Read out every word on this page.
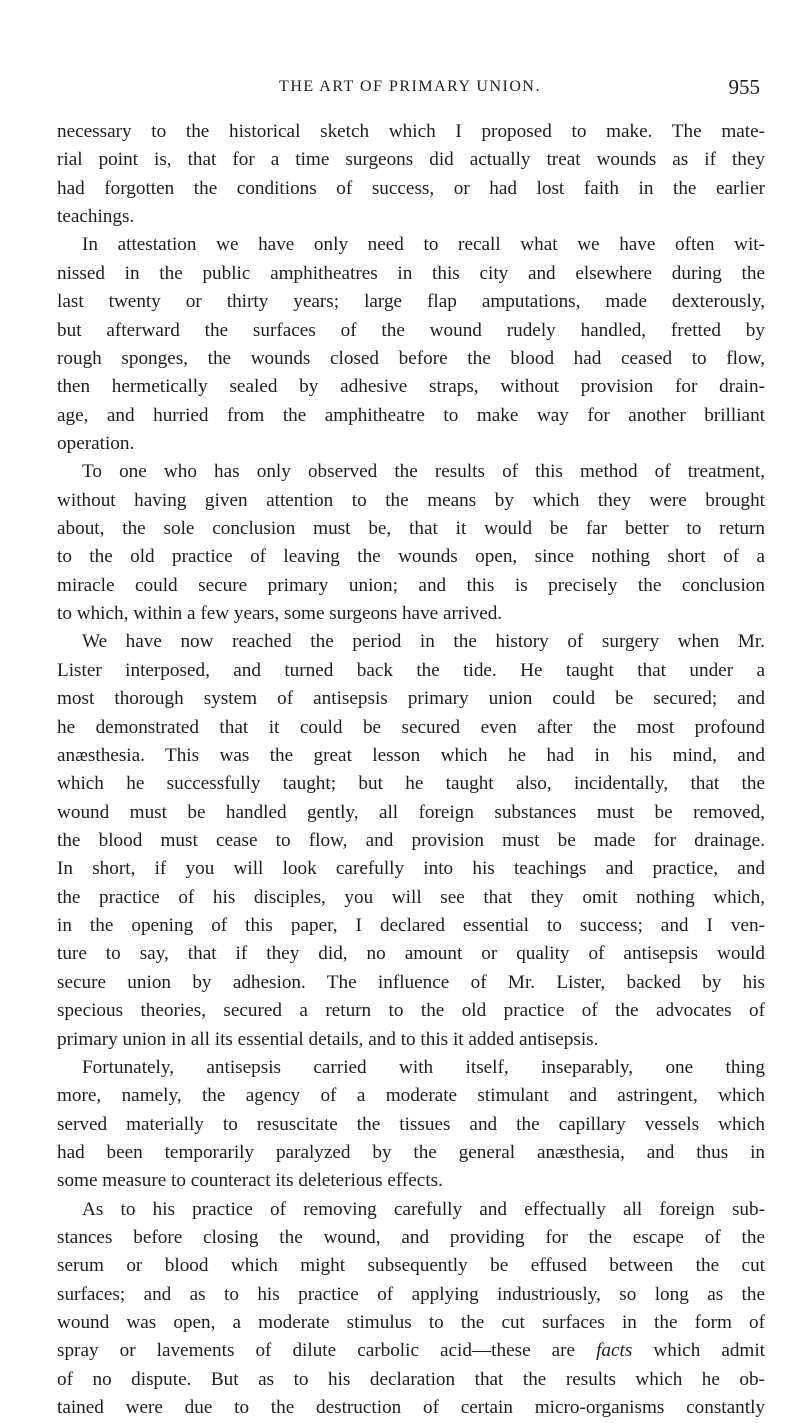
THE ART OF PRIMARY UNION.	955
necessary to the historical sketch which I proposed to make. The mate-
rial point is, that for a time surgeons did actually treat wounds as if they
had forgotten the conditions of success, or had lost faith in the earlier
teachings.
In attestation we have only need to recall what we have often wit-
nissed in the public amphitheatres in this city and elsewhere during the
last twenty or thirty years; large flap amputations, made dexterously,
but afterward the surfaces of the wound rudely handled, fretted by
rough sponges, the wounds closed before the blood had ceased to flow,
then hermetically sealed by adhesive straps, without provision for drain-
age, and hurried from the amphitheatre to make way for another brilliant
operation.
To one who has only observed the results of this method of treatment,
without having given attention to the means by which they were brought
about, the sole conclusion must be, that it would be far better to return
to the old practice of leaving the wounds open, since nothing short of a
miracle could secure primary union; and this is precisely the conclusion
to which, within a few years, some surgeons have arrived.
We have now reached the period in the history of surgery when Mr.
Lister interposed, and turned back the tide. He taught that under a
most thorough system of antisepsis primary union could be secured; and
he demonstrated that it could be secured even after the most profound
anæsthesia. This was the great lesson which he had in his mind, and
which he successfully taught; but he taught also, incidentally, that the
wound must be handled gently, all foreign substances must be removed,
the blood must cease to flow, and provision must be made for drainage.
In short, if you will look carefully into his teachings and practice, and
the practice of his disciples, you will see that they omit nothing which,
in the opening of this paper, I declared essential to success; and I ven-
ture to say, that if they did, no amount or quality of antisepsis would
secure union by adhesion. The influence of Mr. Lister, backed by his
specious theories, secured a return to the old practice of the advocates of
primary union in all its essential details, and to this it added antisepsis.
Fortunately, antisepsis carried with itself, inseparably, one thing
more, namely, the agency of a moderate stimulant and astringent, which
served materially to resuscitate the tissues and the capillary vessels which
had been temporarily paralyzed by the general anæsthesia, and thus in
some measure to counteract its deleterious effects.
As to his practice of removing carefully and effectually all foreign sub-
stances before closing the wound, and providing for the escape of the
serum or blood which might subsequently be effused between the cut
surfaces; and as to his practice of applying industriously, so long as the
wound was open, a moderate stimulus to the cut surfaces in the form of
spray or lavements of dilute carbolic acid—these are facts which admit
of no dispute. But as to his declaration that the results which he ob-
tained were due to the destruction of certain micro-organisms constantly
